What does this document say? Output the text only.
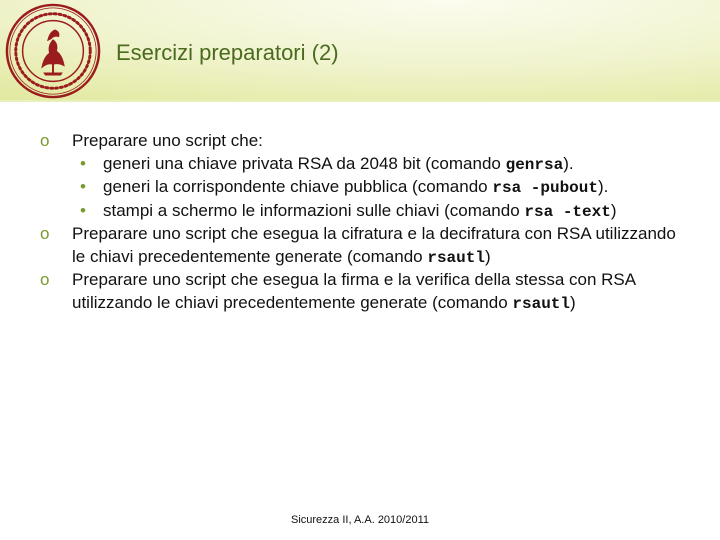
Esercizi preparatori (2)
o Preparare uno script che:
• generi una chiave privata RSA da 2048 bit (comando genrsa).
• generi la corrispondente chiave pubblica (comando rsa -pubout).
• stampi a schermo le informazioni sulle chiavi (comando rsa -text)
o Preparare uno script che esegua la cifratura e la decifratura con RSA utilizzando le chiavi precedentemente generate (comando rsautl)
o Preparare uno script che esegua la firma e la verifica della stessa con RSA utilizzando le chiavi precedentemente generate (comando rsautl)
Sicurezza II, A.A. 2010/2011
